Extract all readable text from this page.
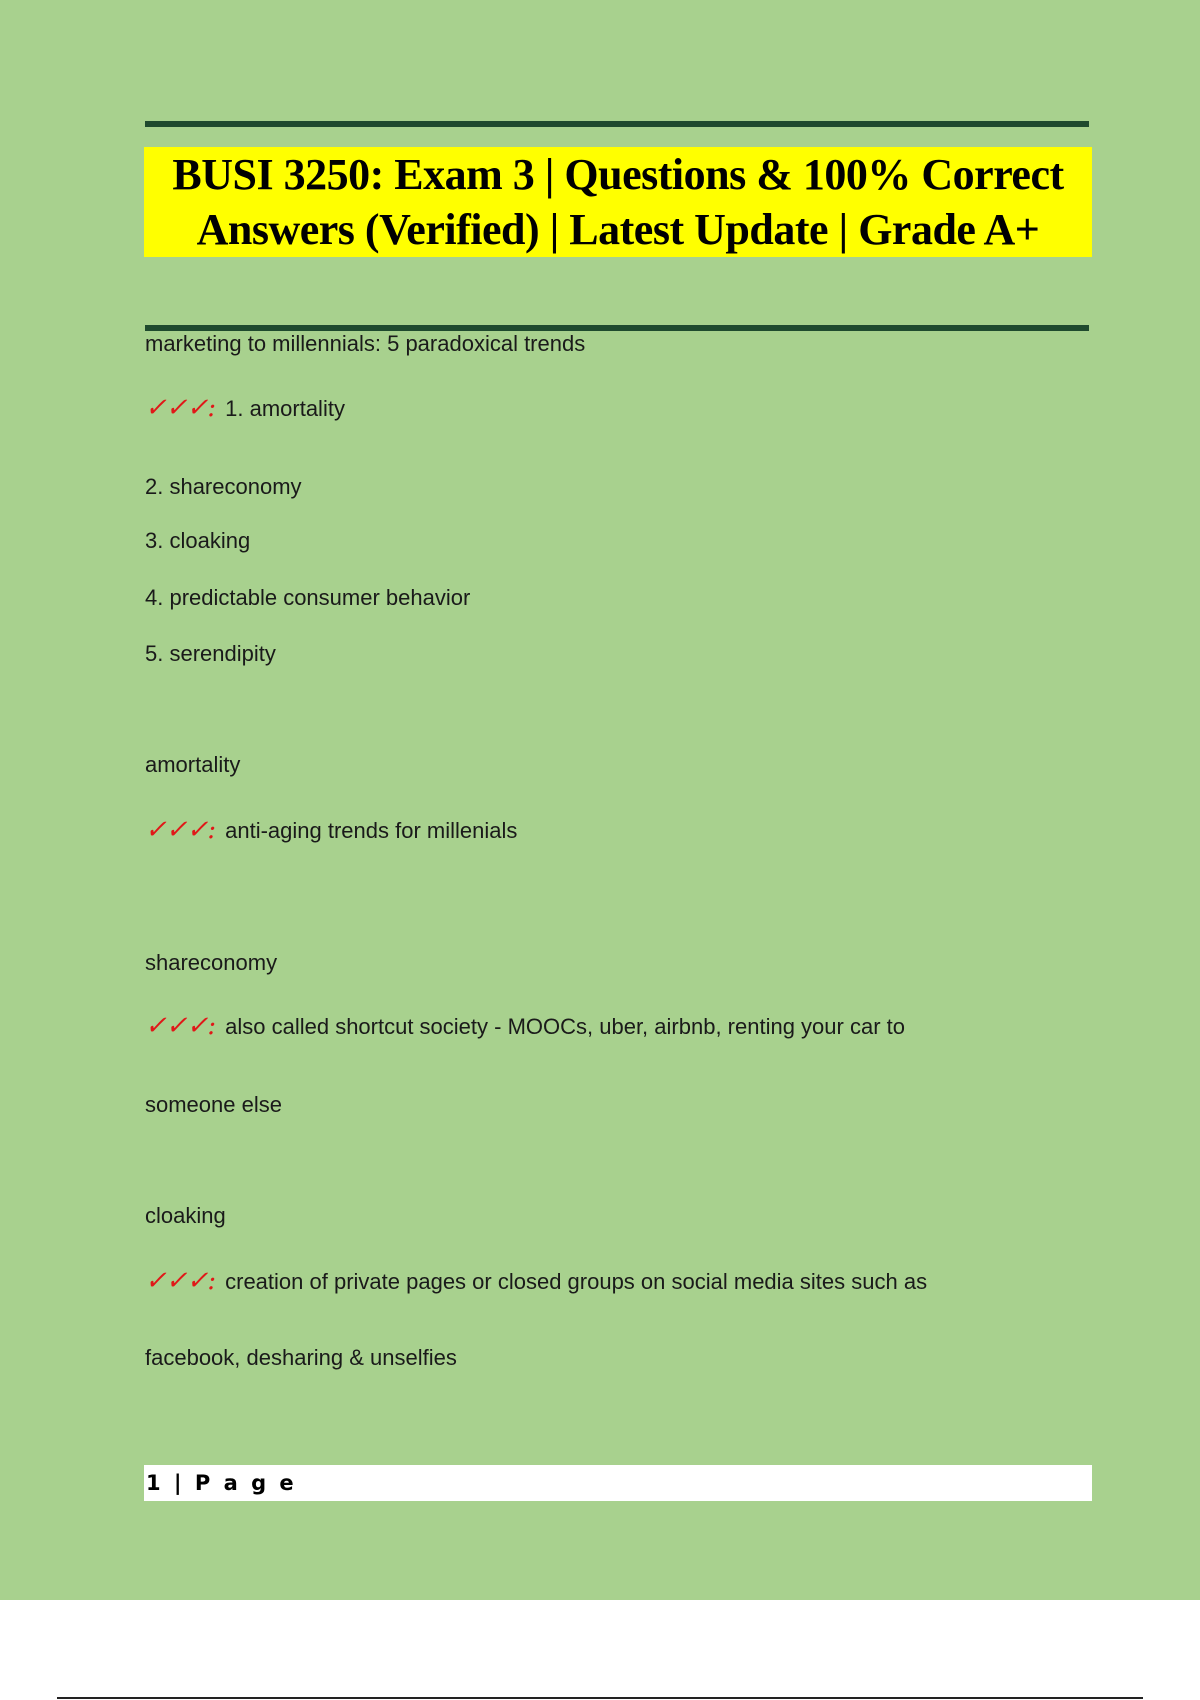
BUSI 3250: Exam 3 | Questions & 100% Correct Answers (Verified) | Latest Update | Grade A+
marketing to millennials: 5 paradoxical trends
✓✓✓: 1. amortality
2. shareconomy
3. cloaking
4. predictable consumer behavior
5. serendipity
amortality
✓✓✓: anti-aging trends for millenials
shareconomy
✓✓✓: also called shortcut society - MOOCs, uber, airbnb, renting your car to
someone else
cloaking
✓✓✓: creation of private pages or closed groups on social media sites such as
facebook, desharing & unselfies
1 | P a g e
